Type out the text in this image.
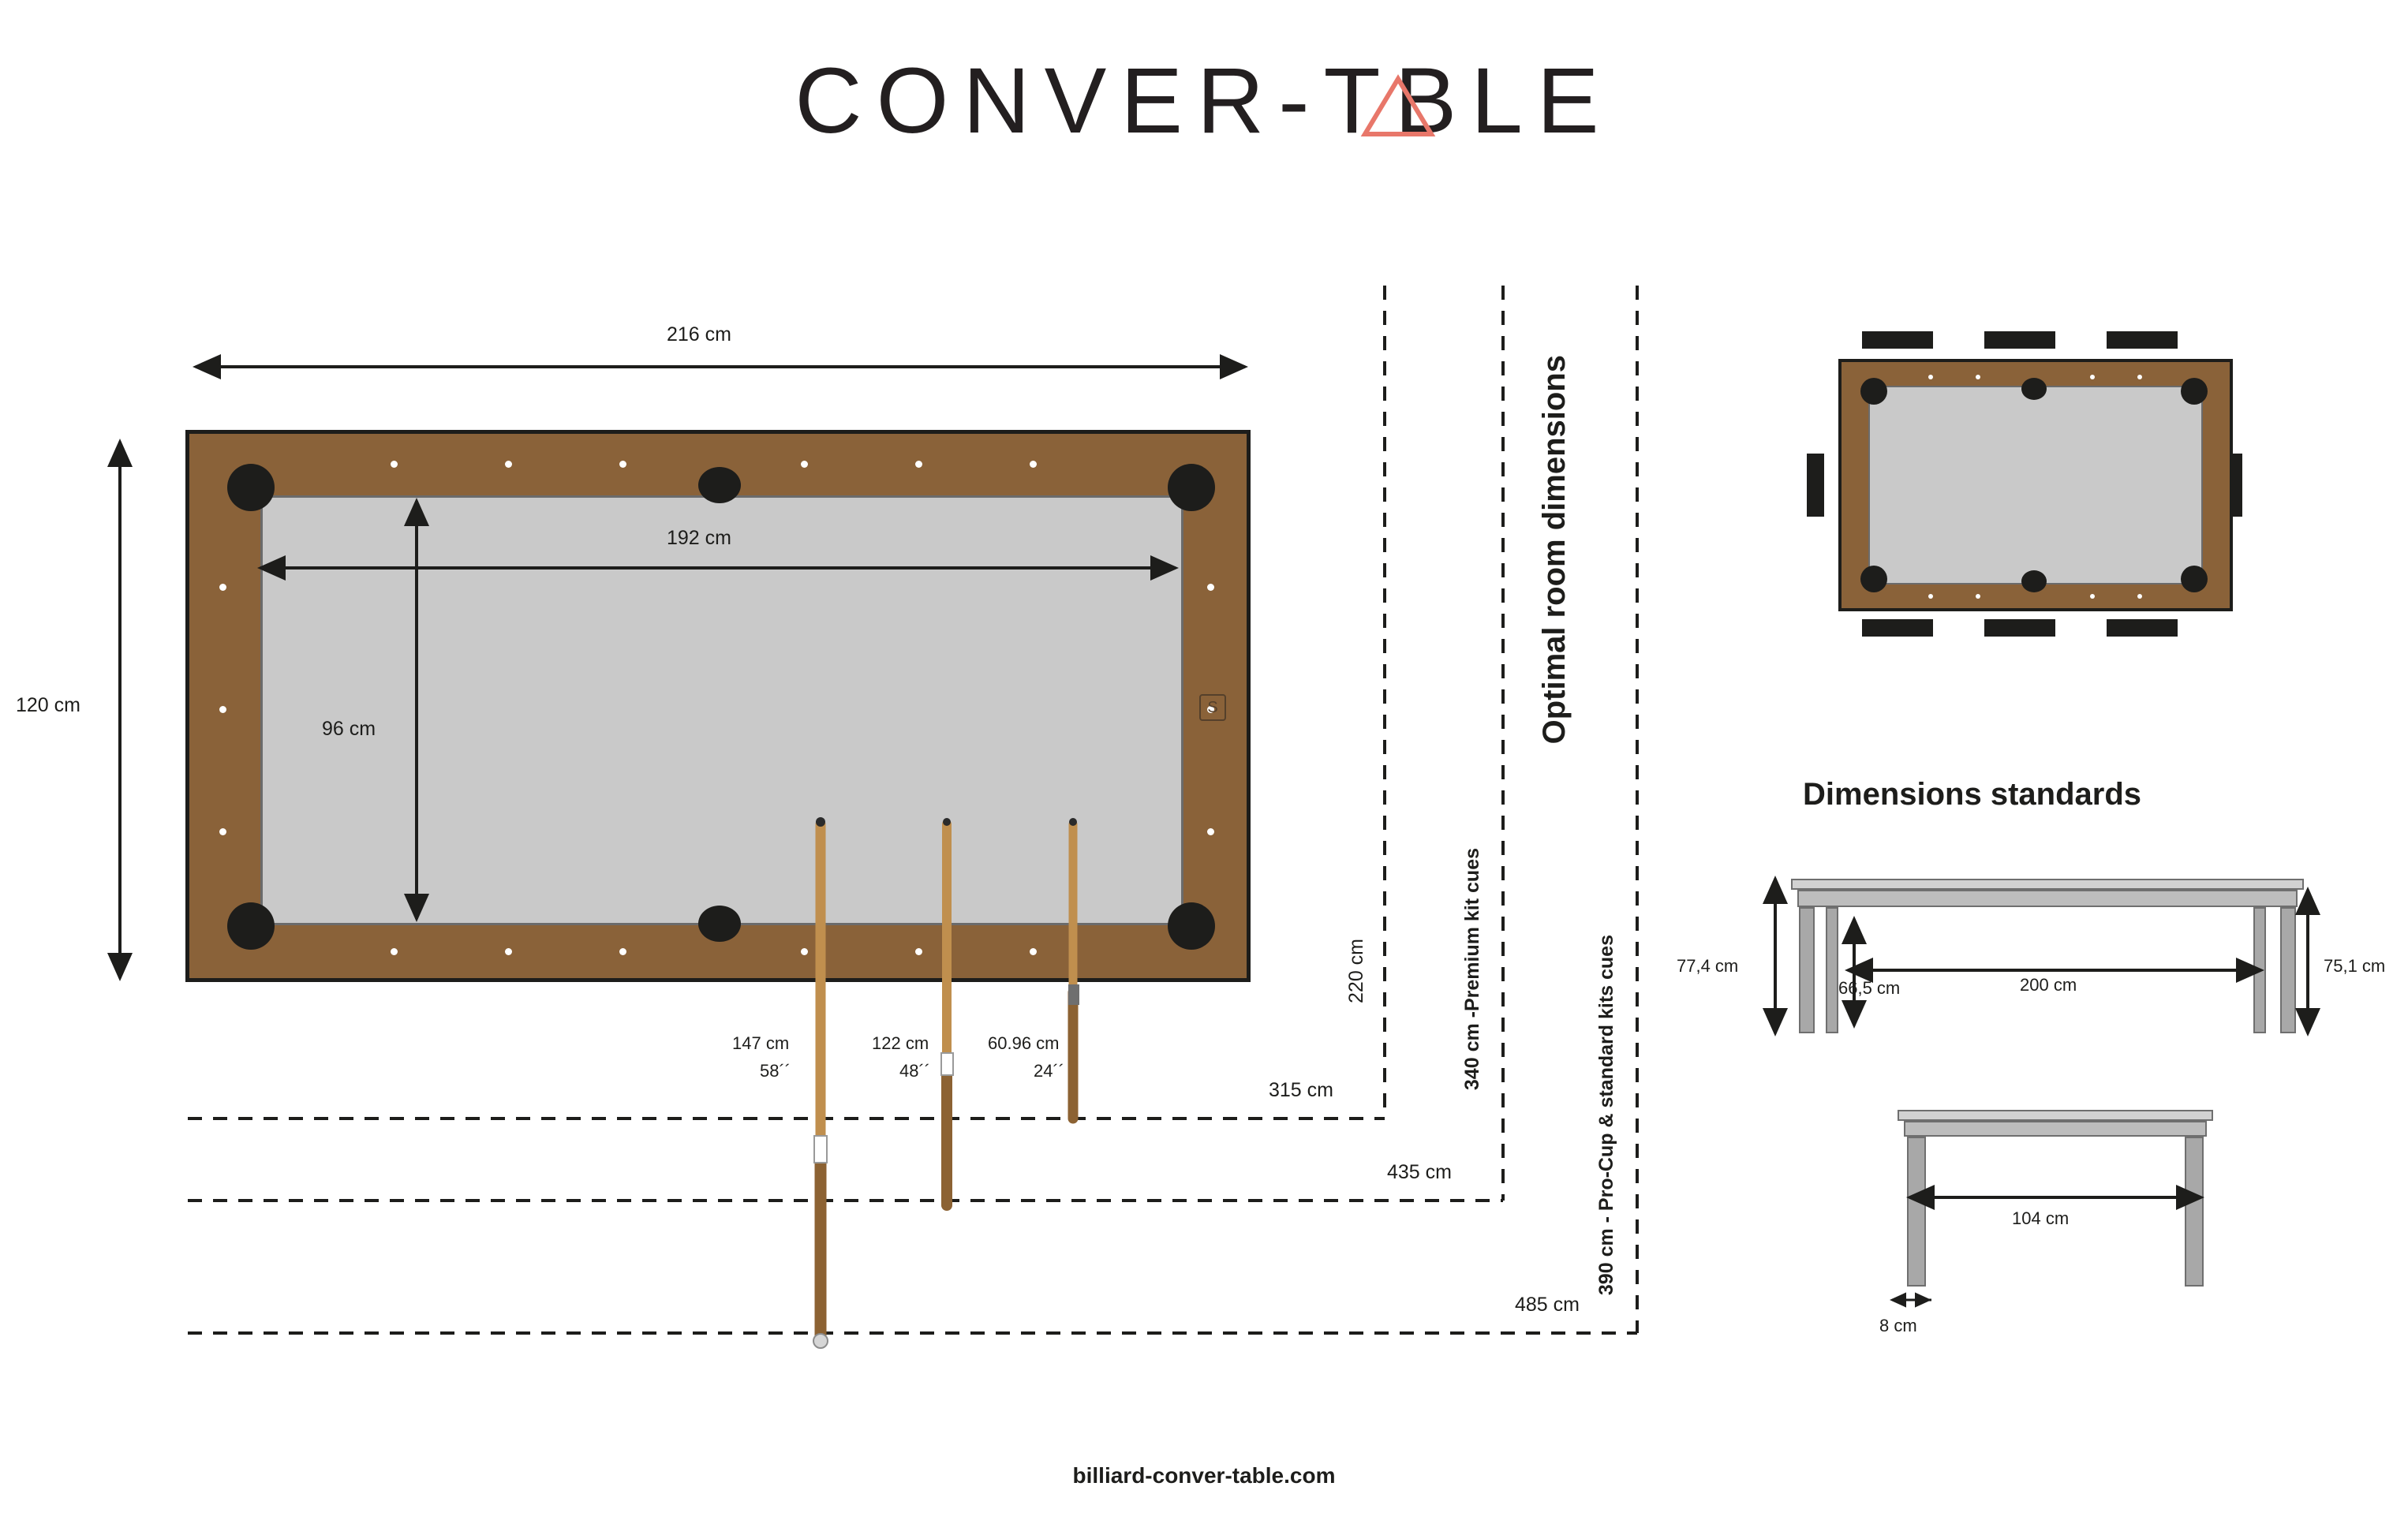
CONVER-T
BLE
S
Dimensions standards
216 cm
120 cm
192 cm
96 cm
220 cm
315 cm
435 cm
485 cm
340 cm -Premium kit cues	390 cm - Pro-Cup & standard kits cues
Optimal room dimensions
147 cm
58´´
122 cm
48´´
60.96 cm
24´´
77,4 cm	75,1 cm
66,5 cm	200 cm
104 cm
8 cm
billiard-conver-table.com
